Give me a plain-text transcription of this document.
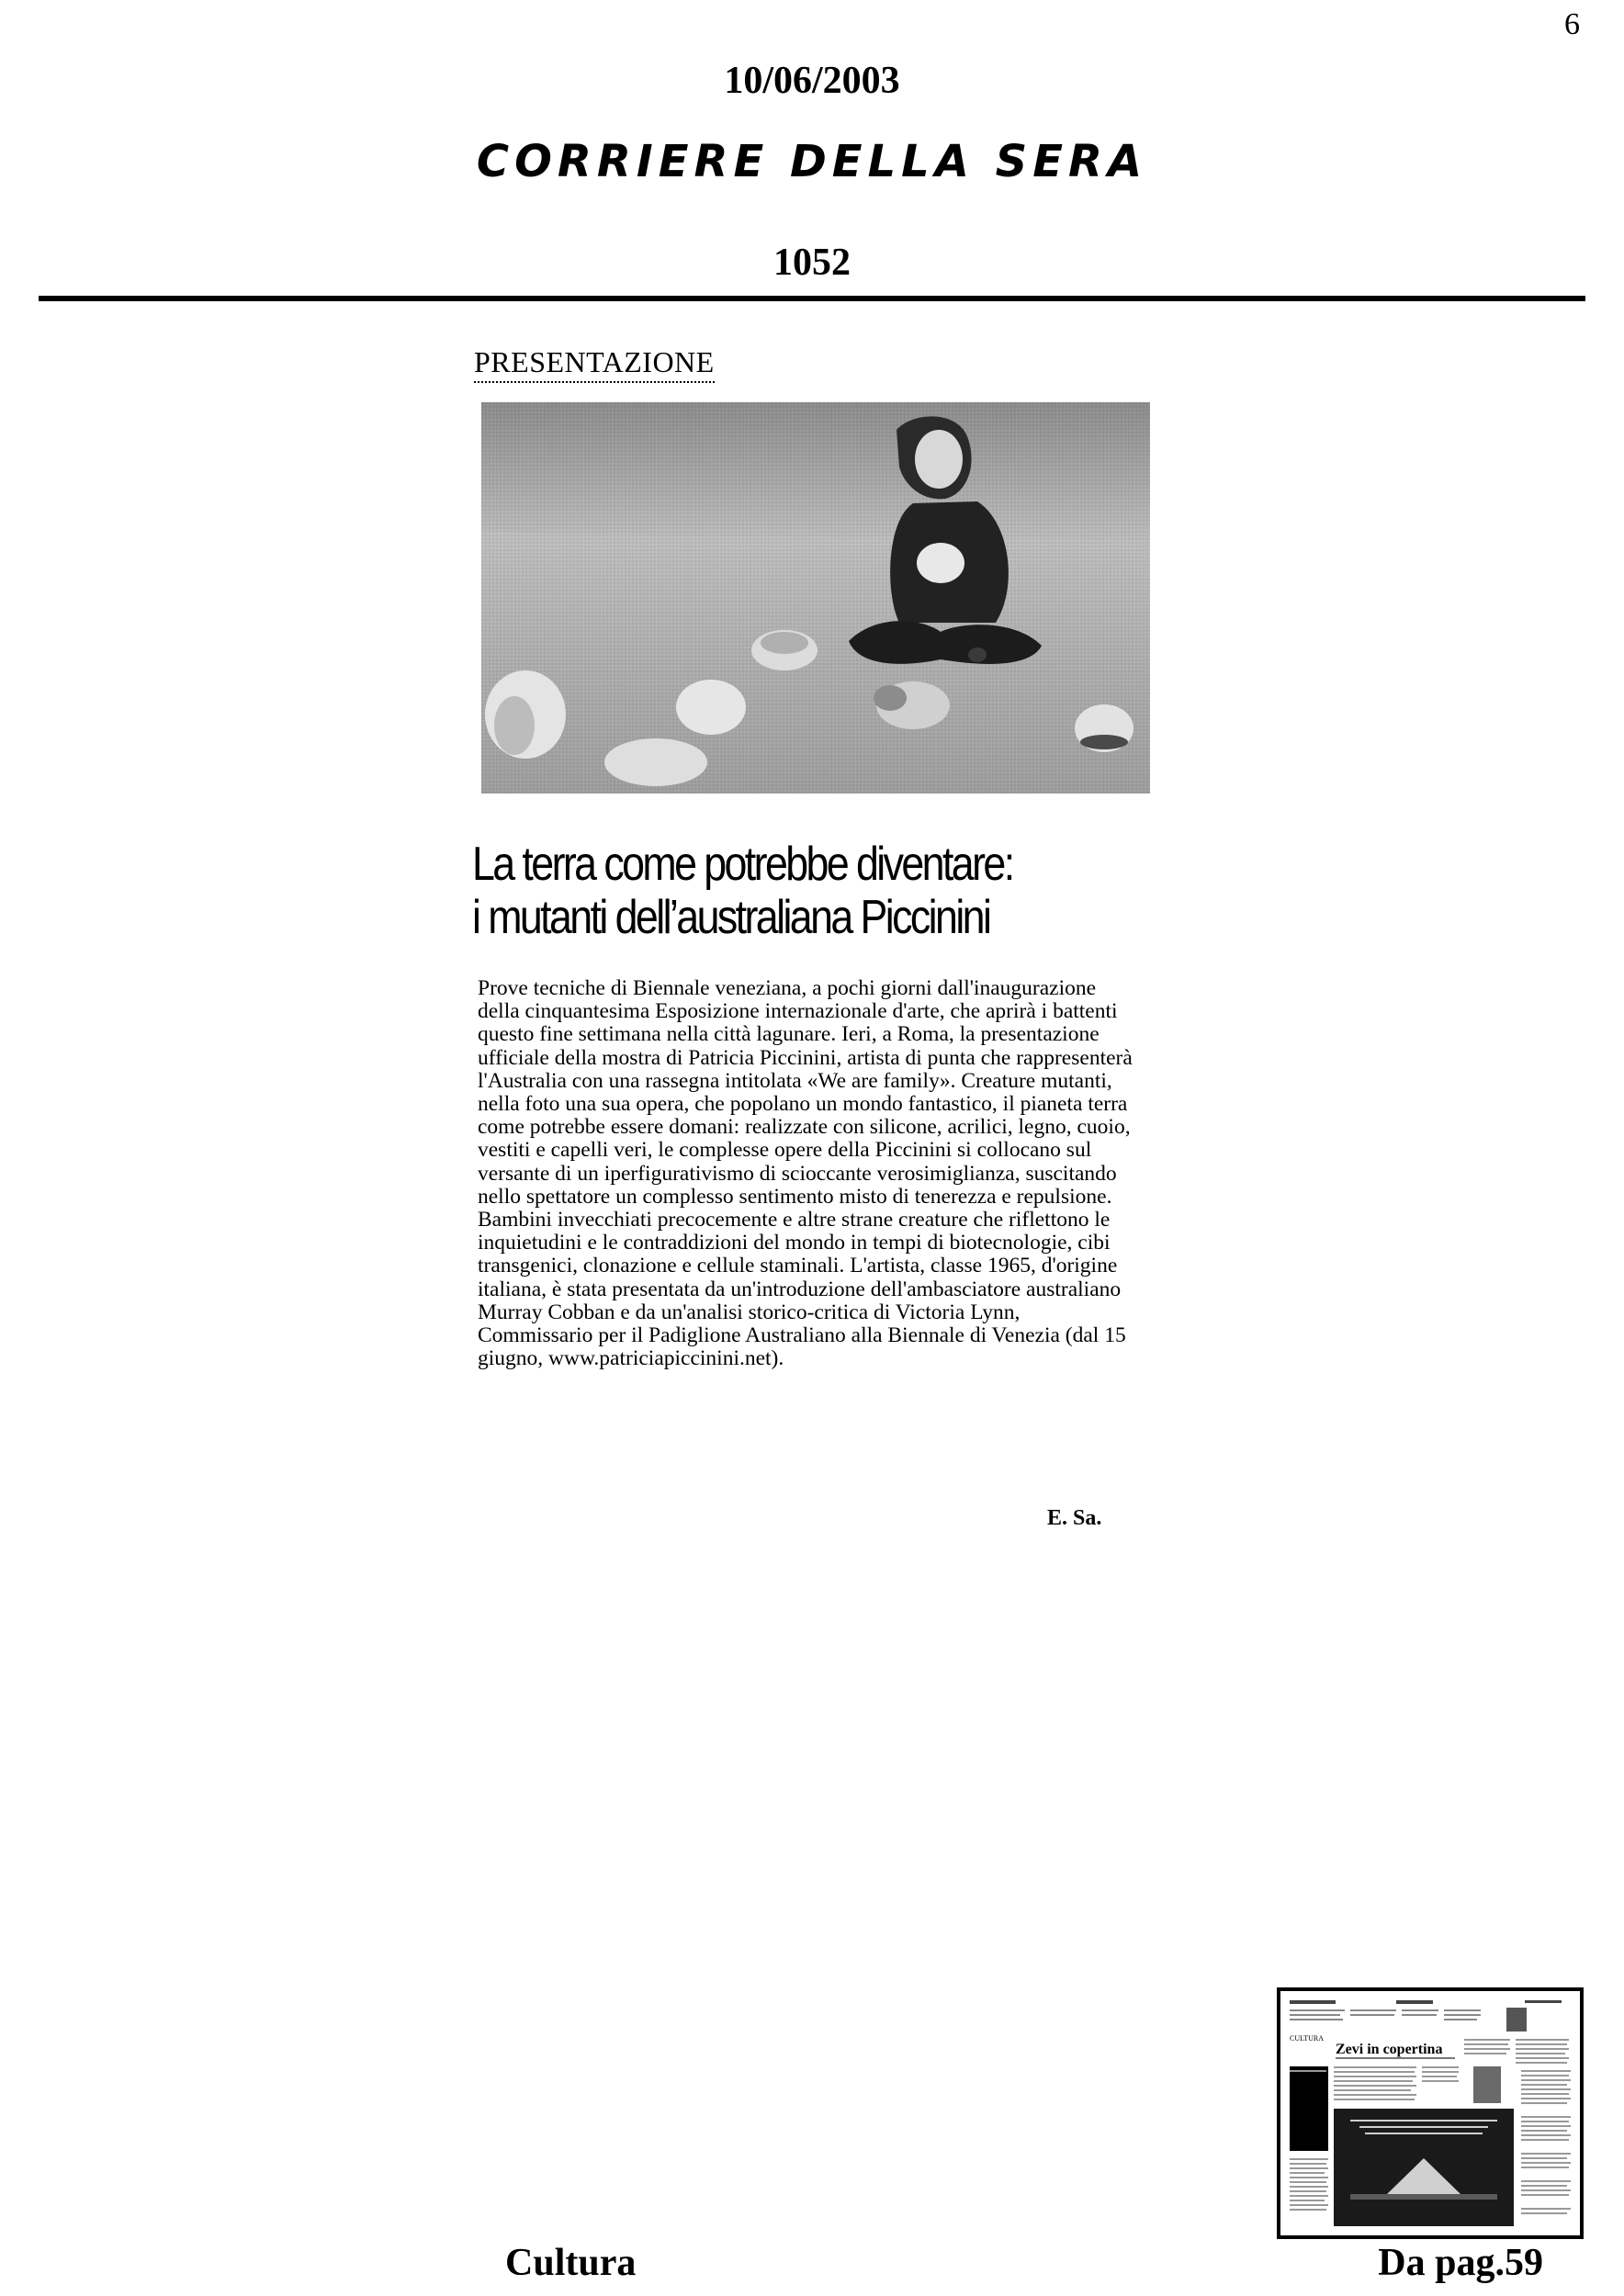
6
10/06/2003
CORRIERE DELLA SERA
1052
PRESENTAZIONE
La terra come potrebbe diventare:
i mutanti dell’australiana Piccinini

Prove tecniche di Biennale veneziana, a pochi giorni dall'inaugurazione della cinquantesima Esposizione internazionale d'arte, che aprirà i battenti questo fine settimana nella città lagunare. Ieri, a Roma, la presentazione ufficiale della mostra di Patricia Piccinini, artista di punta che rappresenterà l'Australia con una rassegna intitolata «We are family». Creature mutanti, nella foto una sua opera, che popolano un mondo fantastico, il pianeta terra come potrebbe essere domani: realizzate con silicone, acrilici, legno, cuoio, vestiti e capelli veri, le complesse opere della Piccinini si collocano sul versante di un iperfigurativismo di scioccante verosimiglianza, suscitando nello spettatore un complesso sentimento misto di tenerezza e repulsione. Bambini invecchiati precocemente e altre strane creature che riflettono le inquietudini e le contraddizioni del mondo in tempi di biotecnologie, cibi transgenici, clonazione e cellule staminali. L'artista, classe 1965, d'origine italiana, è stata presentata da un'introduzione dell'ambasciatore australiano Murray Cobban e da un'analisi storico-critica di Victoria Lynn, Commissario per il Padiglione Australiano alla Biennale di Venezia (dal 15 giugno, www.patriciapiccinini.net).

E. Sa.
CULTURA
Zevi in copertina
Cultura	Da pag.59
